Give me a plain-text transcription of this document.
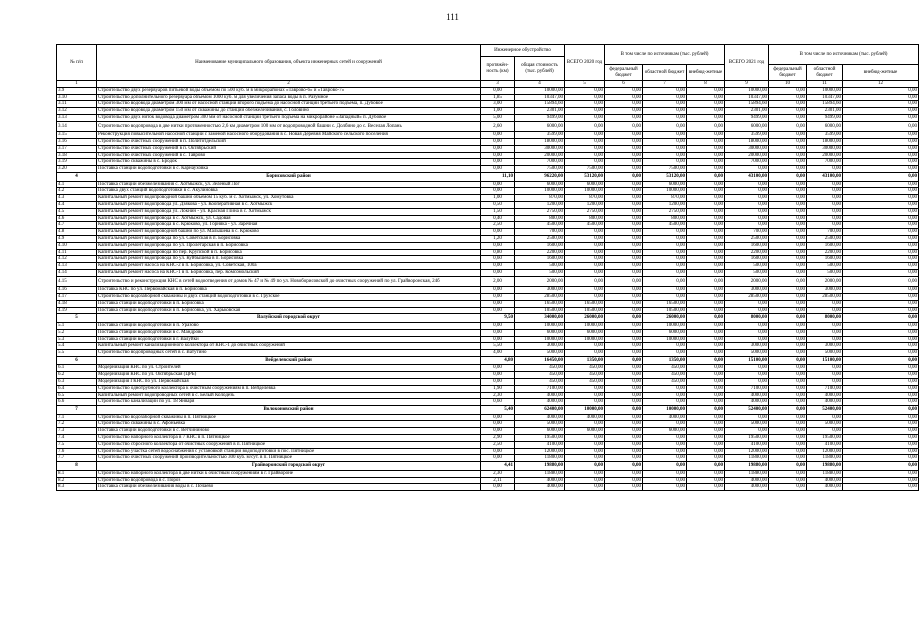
111
№ п/п	Наименование муниципального образования, объекта инженерных сетей и сооружений	Инженерное обустройство		ВСЕГО 2020 год	В том числе по источникам (тыс. рублей)			ВСЕГО 2021 год	В том числе по источникам (тыс. рублей)		
		протяжён-ность (км)	общая стоимость (тыс. рублей)								
					федеральный бюджет	областной бюджет	внебюд-жетные		федеральный бюджет	областной бюджет	внебюд-жетные
1	2	3	4	5	6	7	8	9	10	11	12
3.9	Строительство двух резервуаров питьевой воды объемом по 500 куб. м в микрорайонах «Таврово-6» и «Таврово-7»	0,00	10000,00	0,00	0,00	0,00	0,00	10000,00	0,00	10000,00	0,00
3.10	Строительство дополнительного резервуара объемом 1000 куб. м для увеличения запаса воды в п. Разумное	1,85	10347,00	0,00	0,00	0,00	0,00	10347,00	0,00	10347,00	0,00
3.11	Строительство водовода диаметром 300 мм от насосной станции второго подъема до насосной станции третьего подъема, п. Дубовое	3,00	15894,60	0,00	0,00	0,00	0,00	15894,60	0,00	15894,60	0,00
3.12	Строительство водовода диаметром 150 мм от скважины до станции обезжелезивания, с. Головино	1,00	2301,00	0,00	0,00	0,00	0,00	2301,00	0,00	2301,00	0,00
3.13	Строительство двух ниток водовода диаметром 300 мм от насосной станции третьего подъема на микрорайоне «Западный» п. Дубовое	5,00	9499,00	0,00	0,00	0,00	0,00	9499,00	0,00	9499,00	0,00
3.14	Строительство водопровода в две нитки протяженностью 2,6 км диаметром 100 мм от водопроводной башни с. Долбино до с. Веселая Лопань	2,60	6000,00	0,00	0,00	0,00	0,00	6000,00	0,00	6000,00	0,00
3.15	Реконструкция повысительной насосной станции с заменой насосного оборудования в с. Новая Деревня Майского сельского поселения	0,00	3599,00	0,00	0,00	0,00	0,00	3599,00	0,00	3599,00	0,00
3.16	Строительство очистных сооружений в п. Политотдельский	0,00	18000,00	0,00	0,00	0,00	0,00	18000,00	0,00	18000,00	0,00
3.17	Строительство очистных сооружений в п. Октябрьский	0,00	30000,00	0,00	0,00	0,00	0,00	30000,00	0,00	30000,00	0,00
3.18	Строительство очистных сооружений в с. Таврово	0,00	20000,00	0,00	0,00	0,00	0,00	20000,00	0,00	20000,00	0,00
3.19	Строительство скважины в с. Бродок	0,00	7000,00	0,00	0,00	0,00	0,00	7000,00	0,00	7000,00	0,00
3.20	Поставка станции водоподготовки в с. Карнауховка	0,00	7500,00	7500,00	0,00	7500,00	0,00	0,00	0,00	0,00	0,00
4	Борисовский район	11,10	96220,00	53120,00	0,00	53120,00	0,00	43100,00	0,00	43100,00	0,00
4.1	Поставка станции обезжелезивания с. Хотмыжск, ул. Зеленый Лог	0,00	6000,00	6000,00	0,00	6000,00	0,00	0,00	0,00	0,00	0,00
4.2	Поставка двух станций водоподготовки в с. Акулиновка	0,00	10000,00	10000,00	0,00	10000,00	0,00	0,00	0,00	0,00	0,00
4.3	Капитальный ремонт водопроводной башни объемом 15 куб. м с. Хотмыжск, ул. Хомутовка	1,00	870,00	870,00	0,00	870,00	0,00	0,00	0,00	0,00	0,00
4.4	Капитальный ремонт водопровода ул. Дзякова - ул. Кооперативная в с. Хотмыжск	0,50	1200,00	1200,00	0,00	1200,00	0,00	0,00	0,00	0,00	0,00
4.5	Капитальный ремонт водопровода ул. Локнин - ул. Красная Глина в с. Хотмыжск	1,50	2750,00	2750,00	0,00	2750,00	0,00	0,00	0,00	0,00	0,00
4.6	Капитальный ремонт водопровода в с. Хотмыжск, ул. Садовая	0,40	800,00	800,00	0,00	800,00	0,00	0,00	0,00	0,00	0,00
4.7	Капитальный ремонт водопровода в с. Крюково, ул. Горняка - ул. Заречная	2,50	4500,00	4500,00	0,00	4500,00	0,00	0,00	0,00	0,00	0,00
4.8	Капитальный ремонт водопроводной башни по ул. Малышева в с. Крюково	0,00	700,00	0,00	0,00	0,00	0,00	700,00	0,00	700,00	0,00
4.9	Капитальный ремонт водопровода по ул. Советская в п. Борисовка	1,20	2500,00	0,00	0,00	0,00	0,00	2500,00	0,00	2500,00	0,00
4.10	Капитальный ремонт водопровода по ул. Пролетарская в п. Борисовка	0,60	1600,00	0,00	0,00	0,00	0,00	1600,00	0,00	1600,00	0,00
4.11	Капитальный ремонт водопровода по пер. Крупской в п. Борисовка	0,80	2200,00	0,00	0,00	0,00	0,00	2200,00	0,00	2200,00	0,00
4.12	Капитальный ремонт водопровода по ул. Куйбышева в п. Борисовка	0,60	1600,00	0,00	0,00	0,00	0,00	1600,00	0,00	1600,00	0,00
4.13	Капитальный ремонт насоса на КНС-2 в п. Борисовка, ул. Советская, 100а	0,00	500,00	0,00	0,00	0,00	0,00	500,00	0,00	500,00	0,00
4.14	Капитальный ремонт насоса на КНС-1 в п. Борисовка, пер. Комсомольский	0,00	500,00	0,00	0,00	0,00	0,00	500,00	0,00	500,00	0,00
4.15	Строительство и реконструкция КНС в сетей водоотведения от домов № 47 и № 49 по ул. Новоборисовской до очистных сооружений по ул. Грайворонская, 24б	2,00	2000,00	0,00	0,00	0,00	0,00	2000,00	0,00	2000,00	0,00
4.16	Поставка КНС по ул. Первомайская в п. Борисовка	0,00	3000,00	0,00	0,00	0,00	0,00	3000,00	0,00	3000,00	0,00
4.17	Строительство водозаборной скважины и двух станций водоподготовки в с. Грузское	0,00	28500,00	0,00	0,00	0,00	0,00	28500,00	0,00	28500,00	0,00
4.18	Поставка станции водоподготовки в п. Борисовка	0,00	16500,00	16500,00	0,00	16500,00	0,00	0,00	0,00	0,00	0,00
4.19	Поставка станции водоподготовки в п. Борисовка, ул. Харьковская	0,00	10500,00	10500,00	0,00	10500,00	0,00	0,00	0,00	0,00	0,00
5	Валуйский городской округ	9,50	34000,00	26000,00	0,00	26000,00	0,00	8000,00	0,00	8000,00	0,00
5.1	Поставка станции водоподготовки в п. Уразово	0,00	10000,00	10000,00	0,00	10000,00	0,00	0,00	0,00	0,00	0,00
5.2	Поставка станции водоподготовки в с. Мандрово	0,00	6000,00	6000,00	0,00	6000,00	0,00	0,00	0,00	0,00	0,00
5.3	Поставка станции водоподготовки в г. Валуйки	0,00	10000,00	10000,00	0,00	10000,00	0,00	0,00	0,00	0,00	0,00
5.4	Капитальный ремонт канализационного коллектора от КНС-1 до очистных сооружений	5,50	3000,00	0,00	0,00	0,00	0,00	3000,00	0,00	3000,00	0,00
5.5	Строительство водопроводных сетей в с. Ватутино	4,00	5000,00	0,00	0,00	0,00	0,00	5000,00	0,00	5000,00	0,00
6	Вейделевский район	4,80	16450,00	1350,00	0,00	1350,00	0,00	15100,00	0,00	15100,00	0,00
6.1	Модернизация КНС по ул. Строителей	0,00	450,00	450,00	0,00	450,00	0,00	0,00	0,00	0,00	0,00
6.2	Модернизация КНС по ул. Октябрьская (ЦРБ)	0,00	450,00	450,00	0,00	450,00	0,00	0,00	0,00	0,00	0,00
6.3	Модернизация ГКНС по ул. Первомайская	0,00	450,00	450,00	0,00	450,00	0,00	0,00	0,00	0,00	0,00
6.4	Строительство однотрубного коллектора к очистным сооружениям в п. Вейделевка	1,90	7100,00	0,00	0,00	0,00	0,00	7100,00	0,00	7100,00	0,00
6.5	Капитальный ремонт водопроводных сетей в с. Белый Колодезь	2,30	4000,00	0,00	0,00	0,00	0,00	4000,00	0,00	4000,00	0,00
6.6	Строительство канализации по ул. 18 Января	0,60	4000,00	0,00	0,00	0,00	0,00	4000,00	0,00	4000,00	0,00
7	Волоконовский район	5,40	62400,00	10000,00	0,00	10000,00	0,00	52400,00	0,00	52400,00	0,00
7.1	Строительство водозаборной скважины в п. Пятницкое	0,00	4000,00	4000,00	0,00	4000,00	0,00	0,00	0,00	0,00	0,00
7.2	Строительство скважины в с. Афоньевка	0,00	5000,00	0,00	0,00	0,00	0,00	5000,00	0,00	5000,00	0,00
7.3	Поставка станции водоподготовки в с. Ветчининово	0,00	6000,00	6000,00	0,00	6000,00	0,00	0,00	0,00	0,00	0,00
7.4	Строительство напорного коллектора в 7 КНС в п. Пятницкое	2,90	19500,00	0,00	0,00	0,00	0,00	19500,00	0,00	19500,00	0,00
7.5	Строительство сбросного коллектора от очистных сооружений в п. Пятницкое	2,50	4100,00	0,00	0,00	0,00	0,00	4100,00	0,00	4100,00	0,00
7.6	Строительство участка сетей водоснабжения с установкой станции водоподготовки в пос. Пятницкое	0,00	12000,00	0,00	0,00	0,00	0,00	12000,00	0,00	12000,00	0,00
7.7	Строительство очистных сооружений производительностью 300 куб. м/сут. в п. Пятницкое	0,00	11800,00	0,00	0,00	0,00	0,00	11800,00	0,00	11800,00	0,00
8	Грайворонский городской округ	4,41	19880,00	0,00	0,00	0,00	0,00	19880,00	0,00	19880,00	0,00
8.1	Строительство напорного коллектора в две нитки к очистным сооружениям в г. Грайвороне	2,30	11880,00	0,00	0,00	0,00	0,00	11880,00	0,00	11880,00	0,00
8.2	Строительство водопровода в с. Пороз	2,11	4000,00	0,00	0,00	0,00	0,00	4000,00	0,00	4000,00	0,00
8.3	Поставка станции обезжелезивания воды в с. Почаево	0,00	4000,00	0,00	0,00	0,00	0,00	4000,00	0,00	4000,00	0,00
